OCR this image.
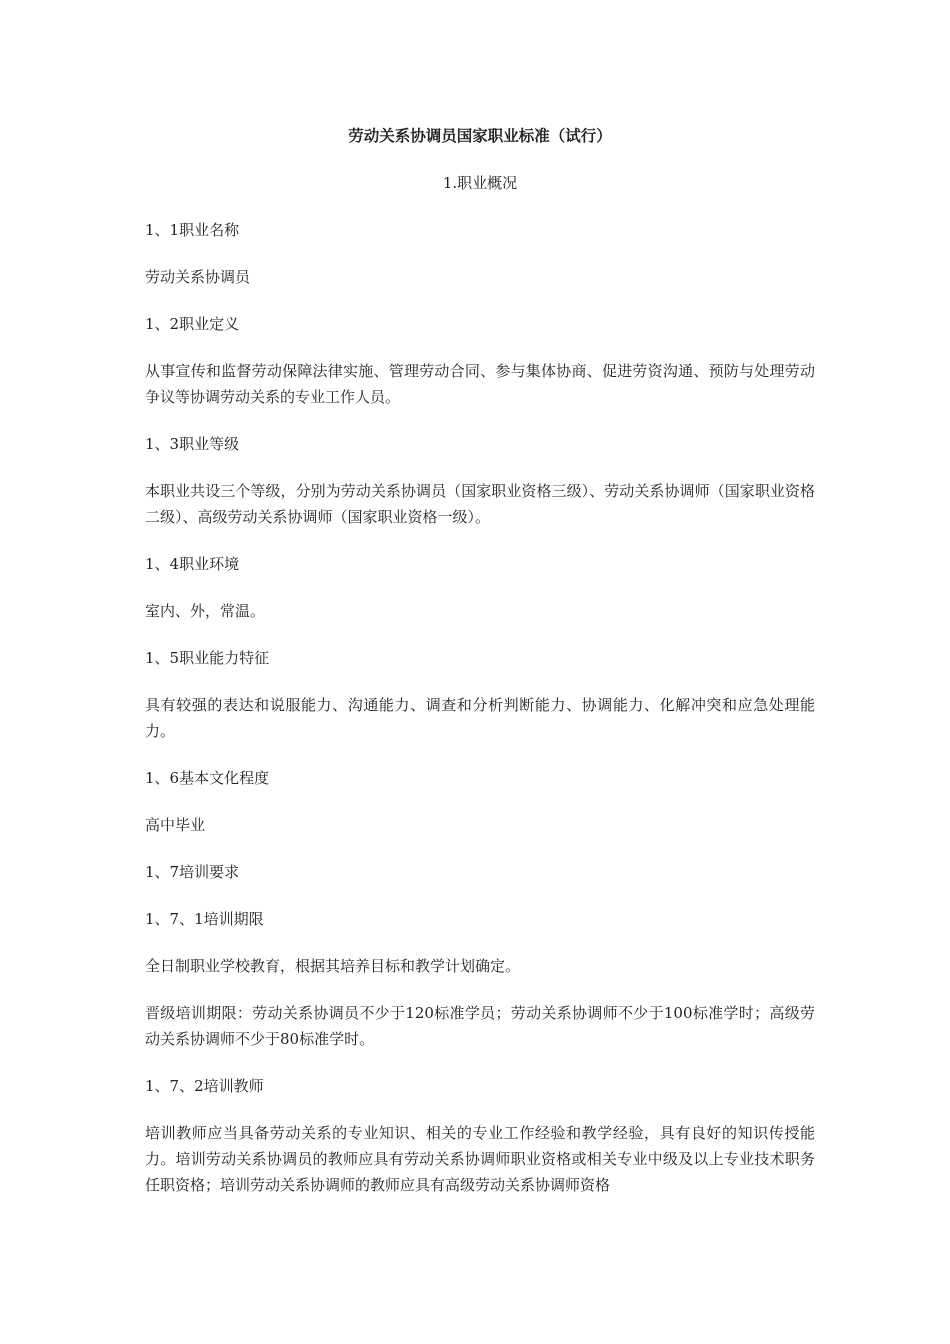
劳动关系协调员国家职业标准（试行）
1.职业概况
1、1职业名称
劳动关系协调员
1、2职业定义
从事宣传和监督劳动保障法律实施、管理劳动合同、参与集体协商、促进劳资沟通、预防与处理劳动争议等协调劳动关系的专业工作人员。
1、3职业等级
本职业共设三个等级，分别为劳动关系协调员（国家职业资格三级）、劳动关系协调师（国家职业资格二级）、高级劳动关系协调师（国家职业资格一级）。
1、4职业环境
室内、外，常温。
1、5职业能力特征
具有较强的表达和说服能力、沟通能力、调查和分析判断能力、协调能力、化解冲突和应急处理能力。
1、6基本文化程度
高中毕业
1、7培训要求
1、7、1培训期限
全日制职业学校教育，根据其培养目标和教学计划确定。
晋级培训期限：劳动关系协调员不少于120标准学员；劳动关系协调师不少于100标准学时；高级劳动关系协调师不少于80标准学时。
1、7、2培训教师
培训教师应当具备劳动关系的专业知识、相关的专业工作经验和教学经验，具有良好的知识传授能力。培训劳动关系协调员的教师应具有劳动关系协调师职业资格或相关专业中级及以上专业技术职务任职资格；培训劳动关系协调师的教师应具有高级劳动关系协调师资格
